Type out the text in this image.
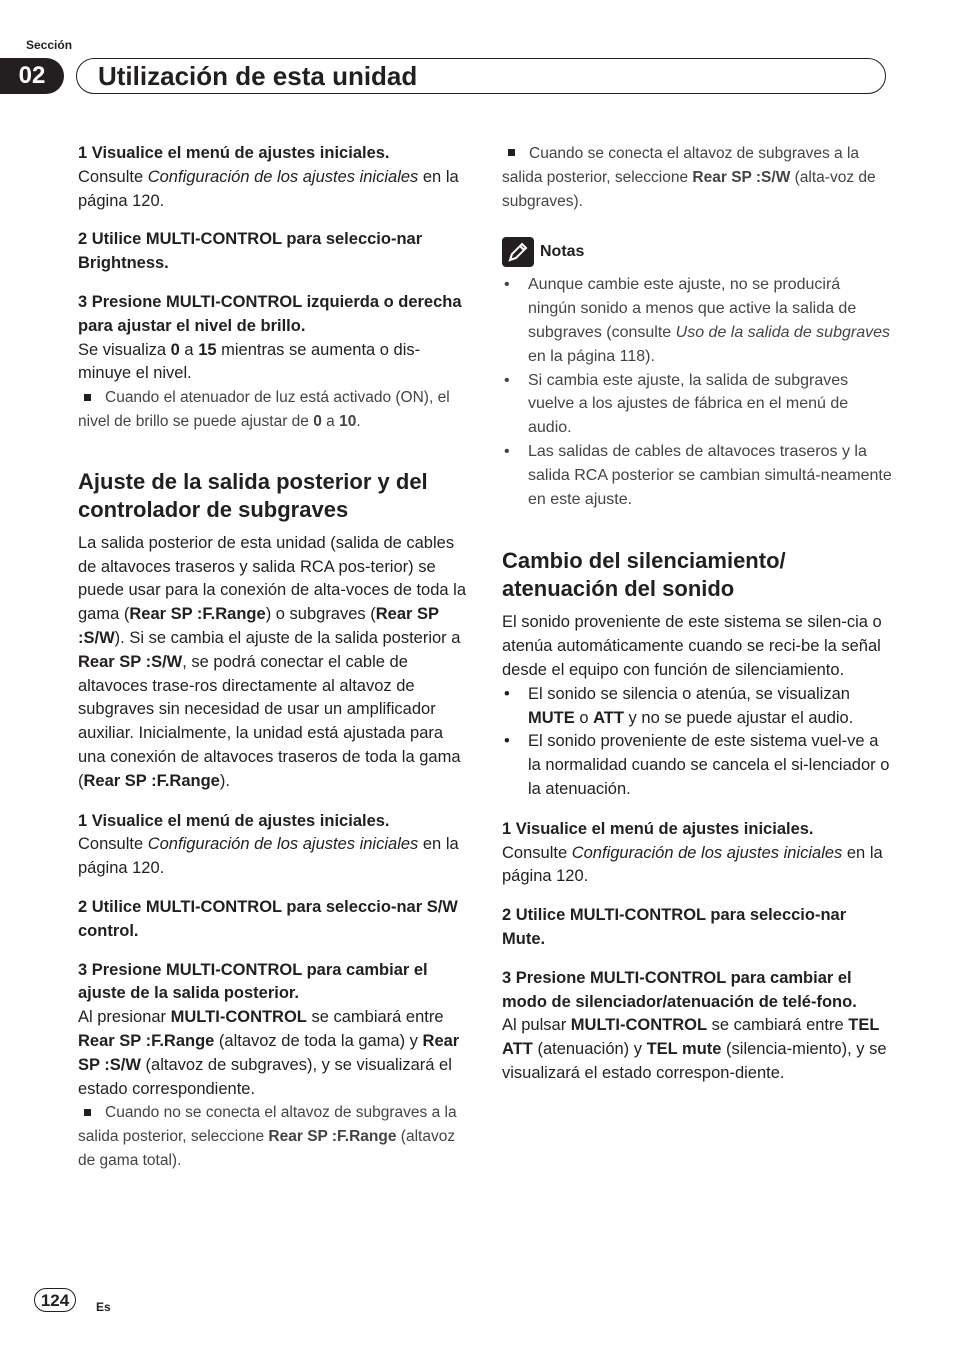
Sección
02	Utilización de esta unidad

1 Visualice el menú de ajustes iniciales.

Consulte Configuración de los ajustes iniciales en la página 120.

2 Utilice MULTI-CONTROL para seleccio-nar Brightness.

3 Presione MULTI-CONTROL izquierda o derecha para ajustar el nivel de brillo.

Se visualiza 0 a 15 mientras se aumenta o dis-minuye el nivel.

Cuando el atenuador de luz está activado (ON), el nivel de brillo se puede ajustar de 0 a 10.

Ajuste de la salida posterior y del controlador de subgraves

La salida posterior de esta unidad (salida de cables de altavoces traseros y salida RCA pos-terior) se puede usar para la conexión de alta-voces de toda la gama (Rear SP :F.Range) o subgraves (Rear SP :S/W). Si se cambia el ajuste de la salida posterior a Rear SP :S/W, se podrá conectar el cable de altavoces trase-ros directamente al altavoz de subgraves sin necesidad de usar un amplificador auxiliar. Inicialmente, la unidad está ajustada para una conexión de altavoces traseros de toda la gama (Rear SP :F.Range).

1 Visualice el menú de ajustes iniciales.

Consulte Configuración de los ajustes iniciales en la página 120.

2 Utilice MULTI-CONTROL para seleccio-nar S/W control.

3 Presione MULTI-CONTROL para cambiar el ajuste de la salida posterior.

Al presionar MULTI-CONTROL se cambiará entre Rear SP :F.Range (altavoz de toda la gama) y Rear SP :S/W (altavoz de subgraves), y se visualizará el estado correspondiente.

Cuando no se conecta el altavoz de subgraves a la salida posterior, seleccione Rear SP :F.Range (altavoz de gama total).

Cuando se conecta el altavoz de subgraves a la salida posterior, seleccione Rear SP :S/W (alta-voz de subgraves).

Notas
• Aunque cambie este ajuste, no se producirá ningún sonido a menos que active la salida de subgraves (consulte Uso de la salida de subgraves en la página 118).
• Si cambia este ajuste, la salida de subgraves vuelve a los ajustes de fábrica en el menú de audio.
• Las salidas de cables de altavoces traseros y la salida RCA posterior se cambian simultá-neamente en este ajuste.
Cambio del silenciamiento/ atenuación del sonido

El sonido proveniente de este sistema se silen-cia o atenúa automáticamente cuando se reci-be la señal desde el equipo con función de silenciamiento.

• El sonido se silencia o atenúa, se visualizan MUTE o ATT y no se puede ajustar el audio.
• El sonido proveniente de este sistema vuel-ve a la normalidad cuando se cancela el si-lenciador o la atenuación.

1 Visualice el menú de ajustes iniciales.

Consulte Configuración de los ajustes iniciales en la página 120.

2 Utilice MULTI-CONTROL para seleccio-nar Mute.

3 Presione MULTI-CONTROL para cambiar el modo de silenciador/atenuación de telé-fono.

Al pulsar MULTI-CONTROL se cambiará entre TEL ATT (atenuación) y TEL mute (silencia-miento), y se visualizará el estado correspon-diente.

124	Es
